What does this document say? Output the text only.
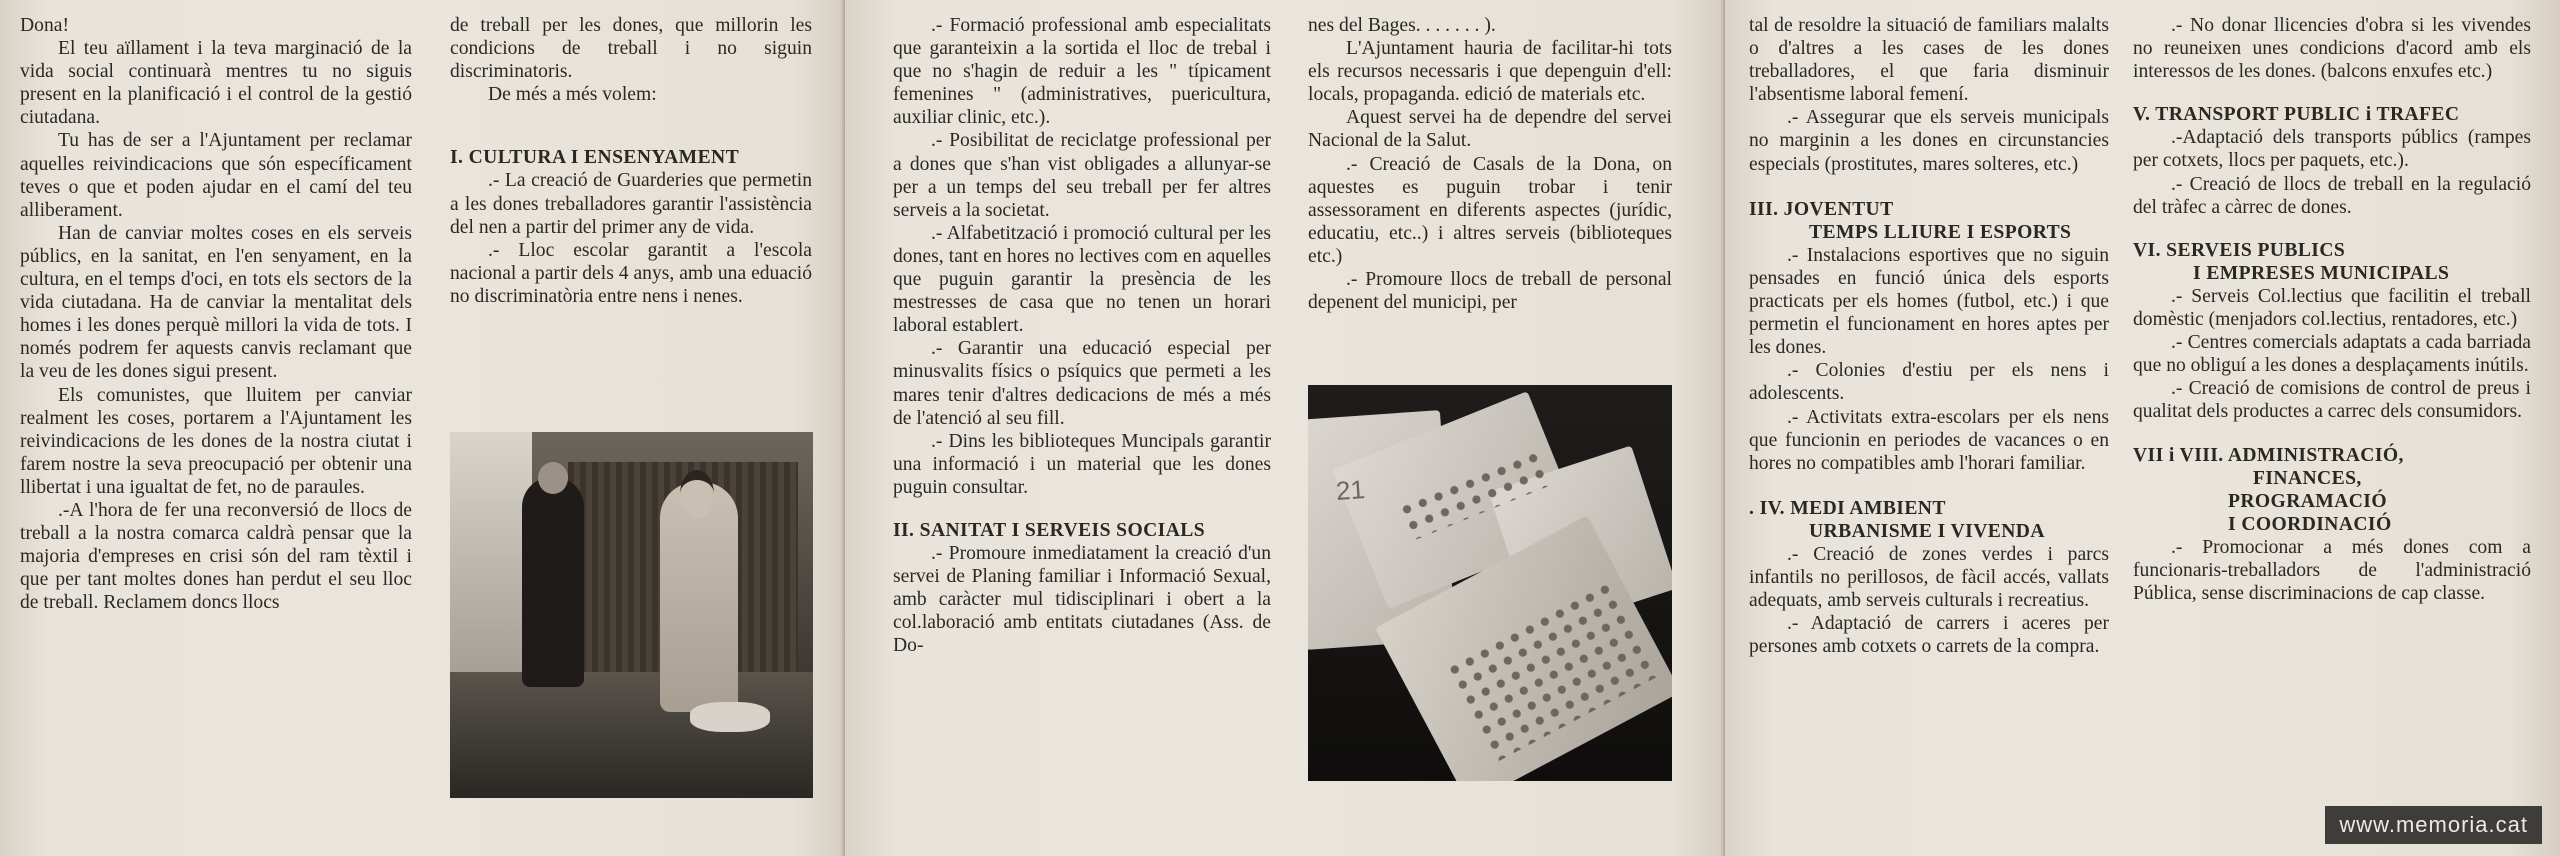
Dona!

El teu aïllament i la teva marginació de la vida social continuarà mentres tu no siguis present en la planificació i el control de la gestió ciutadana.

Tu has de ser a l'Ajuntament per reclamar aquelles reivindicacions que són específicament teves o que et poden ajudar en el camí del teu alliberament.

Han de canviar moltes coses en els serveis públics, en la sanitat, en l'en senyament, en la cultura, en el temps d'oci, en tots els sectors de la vida ciutadana. Ha de canviar la mentalitat dels homes i les dones perquè millori la vida de tots. I només podrem fer aquests canvis reclamant que la veu de les dones sigui present.

Els comunistes, que lluitem per canviar realment les coses, portarem a l'Ajuntament les reivindicacions de les dones de la nostra ciutat i farem nostre la seva preocupació per obtenir una llibertat i una igualtat de fet, no de paraules.

.-A l'hora de fer una reconversió de llocs de treball a la nostra comarca caldrà pensar que la majoria d'empreses en crisi són del ram tèxtil i que per tant moltes dones han perdut el seu lloc de treball. Reclamem doncs llocs

de treball per les dones, que millorin les condicions de treball i no siguin discriminatoris.

De més a més volem:

I. CULTURA I ENSENYAMENT

.- La creació de Guarderies que permetin a les dones treballadores garantir l'assistència del nen a partir del primer any de vida.

.- Lloc escolar garantit a l'escola nacional a partir dels 4 anys, amb una eduació no discriminatòria entre nens i nenes.

.- Formació professional amb especialitats que garanteixin a la sortida el lloc de trebal i que no s'hagin de reduir a les " típicament femenines " (administratives, puericultura, auxiliar clinic, etc.).

.- Posibilitat de reciclatge professional per a dones que s'han vist obligades a allunyar-se per a un temps del seu treball per fer altres serveis a la societat.

.- Alfabetització i promoció cultural per les dones, tant en hores no lectives com en aquelles que puguin garantir la presència de les mestresses de casa que no tenen un horari laboral establert.

.- Garantir una educació especial per minusvalits físics o psíquics que permeti a les mares tenir d'altres dedicacions de més a més de l'atenció al seu fill.

.- Dins les biblioteques Muncipals garantir una informació i un material que les dones puguin consultar.

II. SANITAT I SERVEIS SOCIALS

.- Promoure inmediatament la creació d'un servei de Planing familiar i Informació Sexual, amb caràcter mul tidisciplinari i obert a la col.laboració amb entitats ciutadanes (Ass. de Do-

nes del Bages. . . . . . . ).

L'Ajuntament hauria de facilitar-hi tots els recursos necessaris i que depenguin d'ell: locals, propaganda. edició de materials etc.

Aquest servei ha de dependre del servei Nacional de la Salut.

.- Creació de Casals de la Dona, on aquestes es puguin trobar i tenir assessorament en diferents aspectes (jurídic, educatiu, etc..) i altres serveis (biblioteques etc.)

.- Promoure llocs de treball de personal depenent del municipi, per

21

tal de resoldre la situació de familiars malalts o d'altres a les cases de les dones treballadores, el que faria disminuir l'absentisme laboral femení.

.- Assegurar que els serveis municipals no marginin a les dones en circunstancies especials (prostitutes, mares solteres, etc.)

III. JOVENTUT

TEMPS LLIURE I ESPORTS

.- Instalacions esportives que no siguin pensades en funció única dels esports practicats per els homes (futbol, etc.) i que permetin el funcionament en hores aptes per les dones.

.- Colonies d'estiu per els nens i adolescents.

.- Activitats extra-escolars per els nens que funcionin en periodes de vacances o en hores no compatibles amb l'horari familiar.

. IV. MEDI AMBIENT

URBANISME I VIVENDA

.- Creació de zones verdes i parcs infantils no perillosos, de fàcil accés, vallats adequats, amb serveis culturals i recreatius.

.- Adaptació de carrers i aceres per persones amb cotxets o carrets de la compra.

.- No donar llicencies d'obra si les vivendes no reuneixen unes condicions d'acord amb els interessos de les dones. (balcons enxufes etc.)

V. TRANSPORT PUBLIC i TRAFEC

.-Adaptació dels transports públics (rampes per cotxets, llocs per paquets, etc.).

.- Creació de llocs de treball en la regulació del tràfec a càrrec de dones.

VI. SERVEIS PUBLICS

I EMPRESES MUNICIPALS

.- Serveis Col.lectius que facilitin el treball domèstic (menjadors col.lectius, rentadores, etc.)

.- Centres comercials adaptats a cada barriada que no obliguí a les dones a desplaçaments inútils.

.- Creació de comisions de control de preus i qualitat dels productes a carrec dels consumidors.

VII i VIII. ADMINISTRACIÓ,

FINANCES,

PROGRAMACIÓ

I COORDINACIÓ

.- Promocionar a més dones com a funcionaris-treballadors de l'administració Pública, sense discriminacions de cap classe.

www.memoria.cat
